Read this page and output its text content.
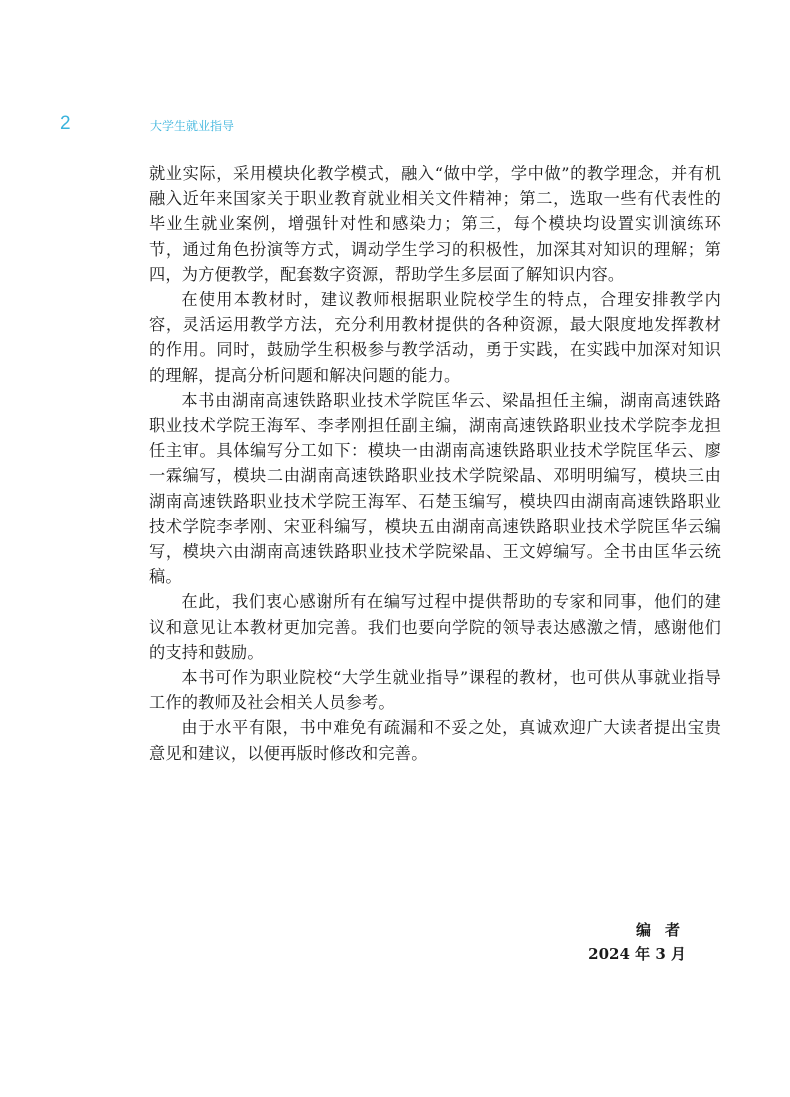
2	大学生就业指导

就业实际，采用模块化教学模式，融入“做中学，学中做”的教学理念，并有机融入近年来国家关于职业教育就业相关文件精神；第二，选取一些有代表性的毕业生就业案例，增强针对性和感染力；第三，每个模块均设置实训演练环节，通过角色扮演等方式，调动学生学习的积极性，加深其对知识的理解；第四，为方便教学，配套数字资源，帮助学生多层面了解知识内容。

在使用本教材时，建议教师根据职业院校学生的特点，合理安排教学内容，灵活运用教学方法，充分利用教材提供的各种资源，最大限度地发挥教材的作用。同时，鼓励学生积极参与教学活动，勇于实践，在实践中加深对知识的理解，提高分析问题和解决问题的能力。

本书由湖南高速铁路职业技术学院匡华云、梁晶担任主编，湖南高速铁路职业技术学院王海军、李孝刚担任副主编，湖南高速铁路职业技术学院李龙担任主审。具体编写分工如下：模块一由湖南高速铁路职业技术学院匡华云、廖一霖编写，模块二由湖南高速铁路职业技术学院梁晶、邓明明编写，模块三由湖南高速铁路职业技术学院王海军、石楚玉编写，模块四由湖南高速铁路职业技术学院李孝刚、宋亚科编写，模块五由湖南高速铁路职业技术学院匡华云编写，模块六由湖南高速铁路职业技术学院梁晶、王文婷编写。全书由匡华云统稿。

在此，我们衷心感谢所有在编写过程中提供帮助的专家和同事，他们的建议和意见让本教材更加完善。我们也要向学院的领导表达感激之情，感谢他们的支持和鼓励。

本书可作为职业院校“大学生就业指导”课程的教材，也可供从事就业指导工作的教师及社会相关人员参考。

由于水平有限，书中难免有疏漏和不妥之处，真诚欢迎广大读者提出宝贵意见和建议，以便再版时修改和完善。

编者
2024 年 3 月
